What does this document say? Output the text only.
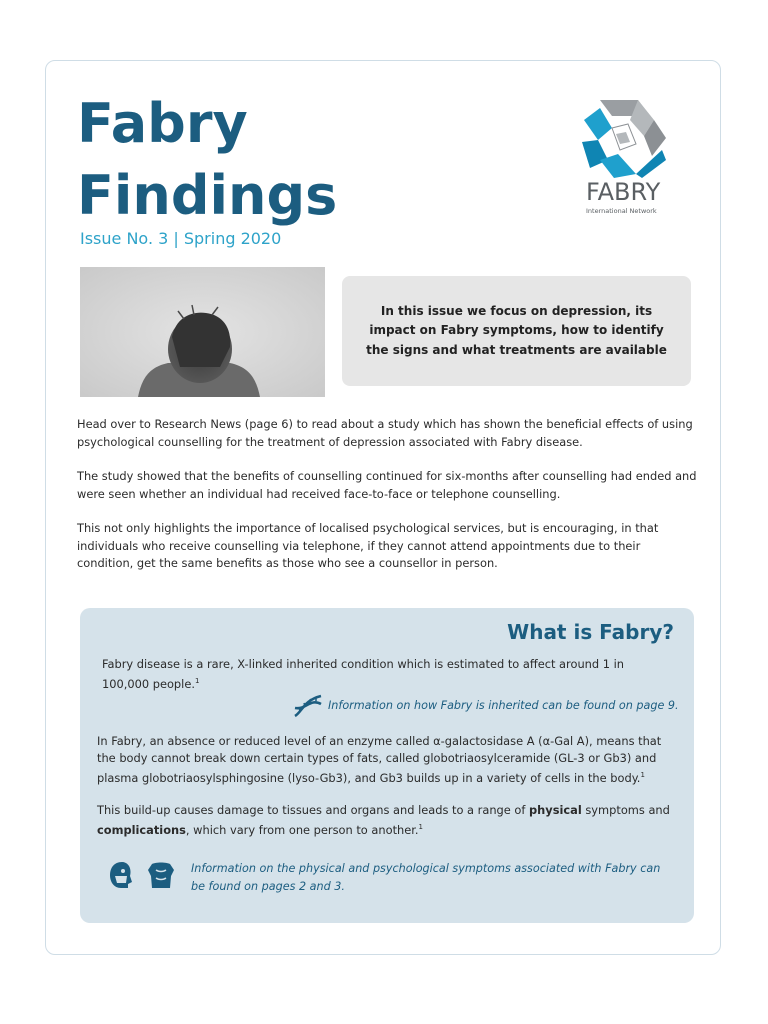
Fabry
Findings
Issue No. 3 | Spring 2020
FABRY
International Network

In this issue we focus on depression, its impact on Fabry symptoms, how to identify the signs and what treatments are available

Head over to Research News (page 6) to read about a study which has shown the beneficial effects of using psychological counselling for the treatment of depression associated with Fabry disease.

The study showed that the benefits of counselling continued for six-months after counselling had ended and were seen whether an individual had received face-to-face or telephone counselling.

This not only highlights the importance of localised psychological services, but is encouraging, in that individuals who receive counselling via telephone, if they cannot attend appointments due to their condition, get the same benefits as those who see a counsellor in person.

What is Fabry?

Fabry disease is a rare, X-linked inherited condition which is estimated to affect around 1 in 100,000 people.$^1$

Information on how Fabry is inherited can be found on page 9.

In Fabry, an absence or reduced level of an enzyme called α-galactosidase A (α-Gal A), means that the body cannot break down certain types of fats, called globotriaosylceramide (GL-3 or Gb3) and plasma globotriaosylsphingosine (lyso-Gb3), and Gb3 builds up in a variety of cells in the body.$^1$

This build-up causes damage to tissues and organs and leads to a range of physical symptoms and complications, which vary from one person to another.$^1$

Information on the physical and psychological symptoms associated with Fabry can be found on pages 2 and 3.
